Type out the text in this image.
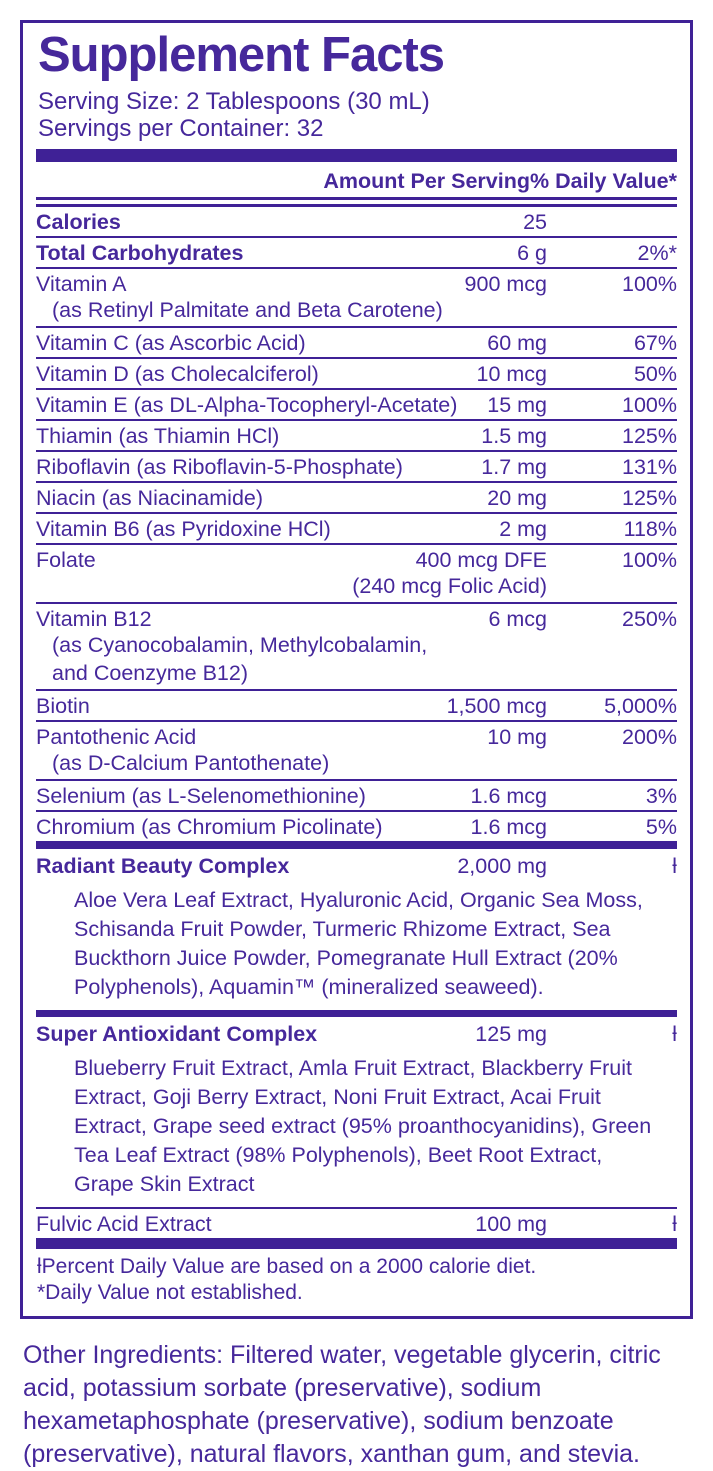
Supplement Facts
Serving Size: 2 Tablespoons (30 mL)
Servings per Container: 32
Amount Per Serving % Daily Value*
Calories	25
Total Carbohydrates	6 g	2%*
Vitamin A	900 mcg	100%
(as Retinyl Palmitate and Beta Carotene)
Vitamin C (as Ascorbic Acid)	60 mg	67%
Vitamin D (as Cholecalciferol)	10 mcg	50%
Vitamin E (as DL-Alpha-Tocopheryl-Acetate) 15 mg	100%
Thiamin (as Thiamin HCl)	1.5 mg	125%
Riboflavin (as Riboflavin-5-Phosphate)	1.7 mg	131%
Niacin (as Niacinamide)	20 mg	125%
Vitamin B6 (as Pyridoxine HCl)	2 mg	118%
Folate	400 mcg DFE	100%
(240 mcg Folic Acid)
Vitamin B12	6 mcg	250%
(as Cyanocobalamin, Methylcobalamin,
and Coenzyme B12)
Biotin	1,500 mcg	5,000%
Pantothenic Acid	10 mg	200%
(as D-Calcium Pantothenate)
Selenium (as L-Selenomethionine)	1.6 mcg	3%
Chromium (as Chromium Picolinate)	1.6 mcg	5%
Radiant Beauty Complex	2,000 mg	ƚ
Aloe Vera Leaf Extract, Hyaluronic Acid, Organic Sea Moss, Schisanda Fruit Powder, Turmeric Rhizome Extract, Sea Buckthorn Juice Powder, Pomegranate Hull Extract (20% Polyphenols), Aquamin™ (mineralized seaweed).
Super Antioxidant Complex	125 mg	ƚ
Blueberry Fruit Extract, Amla Fruit Extract, Blackberry Fruit Extract, Goji Berry Extract, Noni Fruit Extract, Acai Fruit Extract, Grape seed extract (95% proanthocyanidins), Green Tea Leaf Extract (98% Polyphenols), Beet Root Extract, Grape Skin Extract
Fulvic Acid Extract	100 mg	ƚ
ƚPercent Daily Value are based on a 2000 calorie diet.
*Daily Value not established.
Other Ingredients: Filtered water, vegetable glycerin, citric acid, potassium sorbate (preservative), sodium hexametaphosphate (preservative), sodium benzoate (preservative), natural flavors, xanthan gum, and stevia.
